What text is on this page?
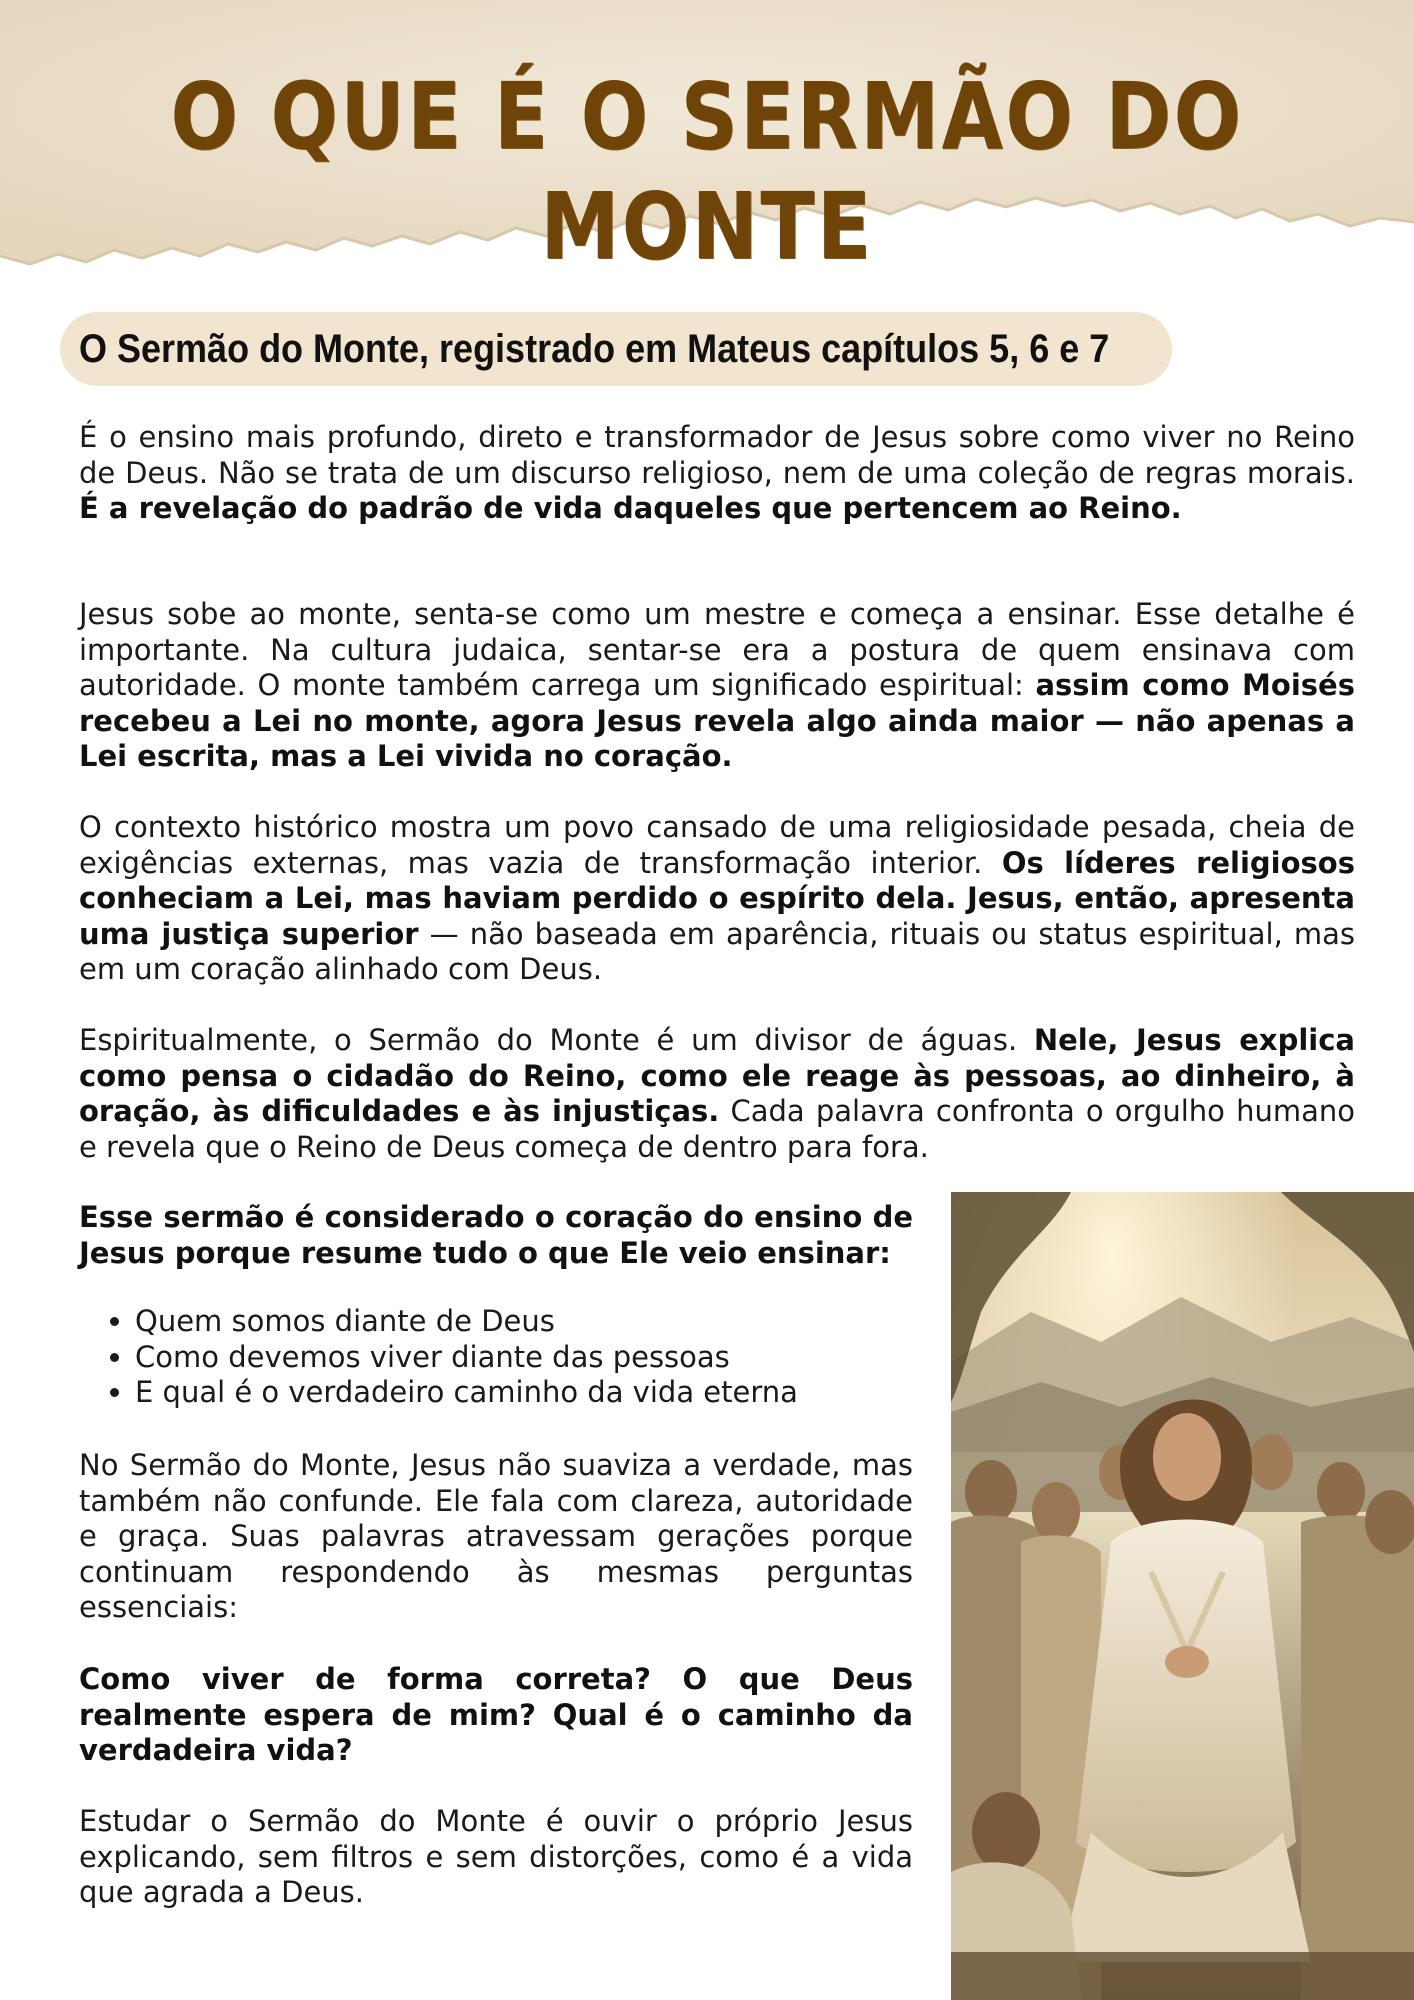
O QUE É O SERMÃO DO MONTE
O Sermão do Monte, registrado em Mateus capítulos 5, 6 e 7

É o ensino mais profundo, direto e transformador de Jesus sobre como viver no Reino de Deus. Não se trata de um discurso religioso, nem de uma coleção de regras morais. É a revelação do padrão de vida daqueles que pertencem ao Reino.

Jesus sobe ao monte, senta-se como um mestre e começa a ensinar. Esse detalhe é importante. Na cultura judaica, sentar-se era a postura de quem ensinava com autoridade. O monte também carrega um significado espiritual: assim como Moisés recebeu a Lei no monte, agora Jesus revela algo ainda maior — não apenas a Lei escrita, mas a Lei vivida no coração.

O contexto histórico mostra um povo cansado de uma religiosidade pesada, cheia de exigências externas, mas vazia de transformação interior. Os líderes religiosos conheciam a Lei, mas haviam perdido o espírito dela. Jesus, então, apresenta uma justiça superior — não baseada em aparência, rituais ou status espiritual, mas em um coração alinhado com Deus.

Espiritualmente, o Sermão do Monte é um divisor de águas. Nele, Jesus explica como pensa o cidadão do Reino, como ele reage às pessoas, ao dinheiro, à oração, às dificuldades e às injustiças. Cada palavra confronta o orgulho humano e revela que o Reino de Deus começa de dentro para fora.

Esse sermão é considerado o coração do ensino de Jesus porque resume tudo o que Ele veio ensinar:

• Quem somos diante de Deus
• Como devemos viver diante das pessoas
• E qual é o verdadeiro caminho da vida eterna

No Sermão do Monte, Jesus não suaviza a verdade, mas também não confunde. Ele fala com clareza, autoridade e graça. Suas palavras atravessam gerações porque continuam respondendo às mesmas perguntas essenciais:

Como viver de forma correta? O que Deus realmente espera de mim? Qual é o caminho da verdadeira vida?

Estudar o Sermão do Monte é ouvir o próprio Jesus explicando, sem filtros e sem distorções, como é a vida que agrada a Deus.
